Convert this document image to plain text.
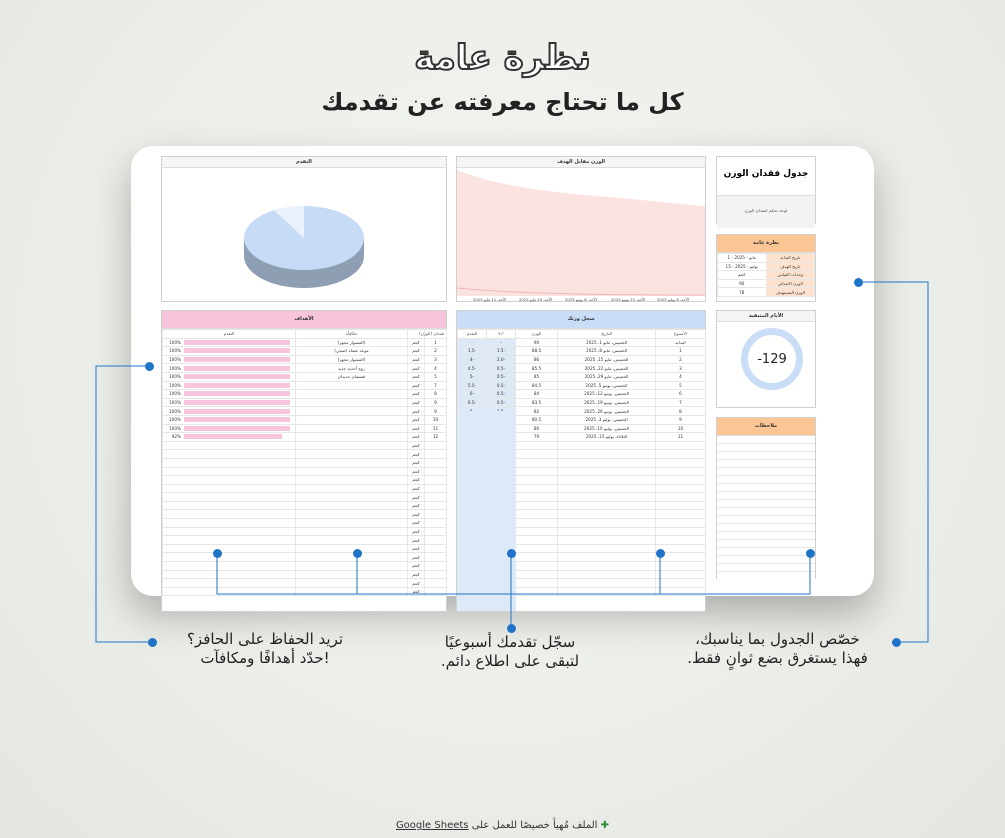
نظرة عامة
كل ما تحتاج معرفته عن تقدمك
التقدم	الوزن مقابل الهدف
الأحد، 11 مايو 2025	الأحد، 25 مايو 2025	الأحد، 8 يونيو 2025	الأحد، 22 يونيو 2025	الأحد، 6 يوليو 2025
جدول فقدان الوزن
لوحة تحكم لفقدان الوزن
نظرة عامة
1 - مايو - 2025	تاريخ البداية
15 - يوليو - 2025	تاريخ الهدف
كجم	وحدات القياس
90	الوزن الابتدائي
78	الوزن المستهدف
الأيام المتبقية
-129
ملاحظات
سجل وزنك
الأسبوع	التاريخ	الوزن	-/+	التقدم
البداية	الخميس، مايو 1، 2025	90	-	-
1	الخميس، مايو 8، 2025	88.5	-1.5	-1.5
2	الخميس، مايو 15، 2025	86	-2.0	-4
3	الخميس، مايو 22، 2025	85.5	-0.5	-4.5
4	الخميس، مايو 29، 2025	85	-0.5	-5
5	الخميس، يونيو 5، 2025	84.5	-0.5	-5.5
6	الخميس، يونيو 12، 2025	84	-0.5	-6
7	الخميس، يونيو 19، 2025	83.5	-0.5	-6.5
8	الخميس، يونيو 26، 2025	82		
9	الخميس، يوليو 3، 2025	80.5		
10	الخميس، يوليو 10، 2025	80		
11	الثلاثاء، يوليو 15، 2025	79		

الأهداف
فقدان (الوزن)		مكافأة	التقدم
1	كجم	(المشوار مجهز)	100%

2	كجم	موعد عشاء (صحي)	100%

3	كجم	(المشوار مجهز)	100%

4	كجم	زوج أحذية جديد	100%

5	كجم	قميصان جديدان	100%

7	كجم		100%

8	كجم		100%

9	كجم		100%

9	كجم		100%

10	كجم		100%

11	كجم		100%

12	كجم		92%

	كجم		
	كجم		
	كجم		
	كجم		
	كجم		
	كجم		
	كجم		
	كجم		
	كجم		
	كجم		
	كجم		
	كجم		
	كجم		
	كجم		
	كجم		
	كجم		
	كجم		
	كجم		
تريد الحفاظ على الحافز؟
!حدّد أهدافًا ومكافآت
سجّل تقدمك أسبوعيًا
لتبقى على اطلاع دائم.
خصّص الجدول بما يناسبك،
فهذا يستغرق بضع ثوانٍ فقط.
✚ الملف مُهيأ خصيصًا للعمل على Google Sheets
